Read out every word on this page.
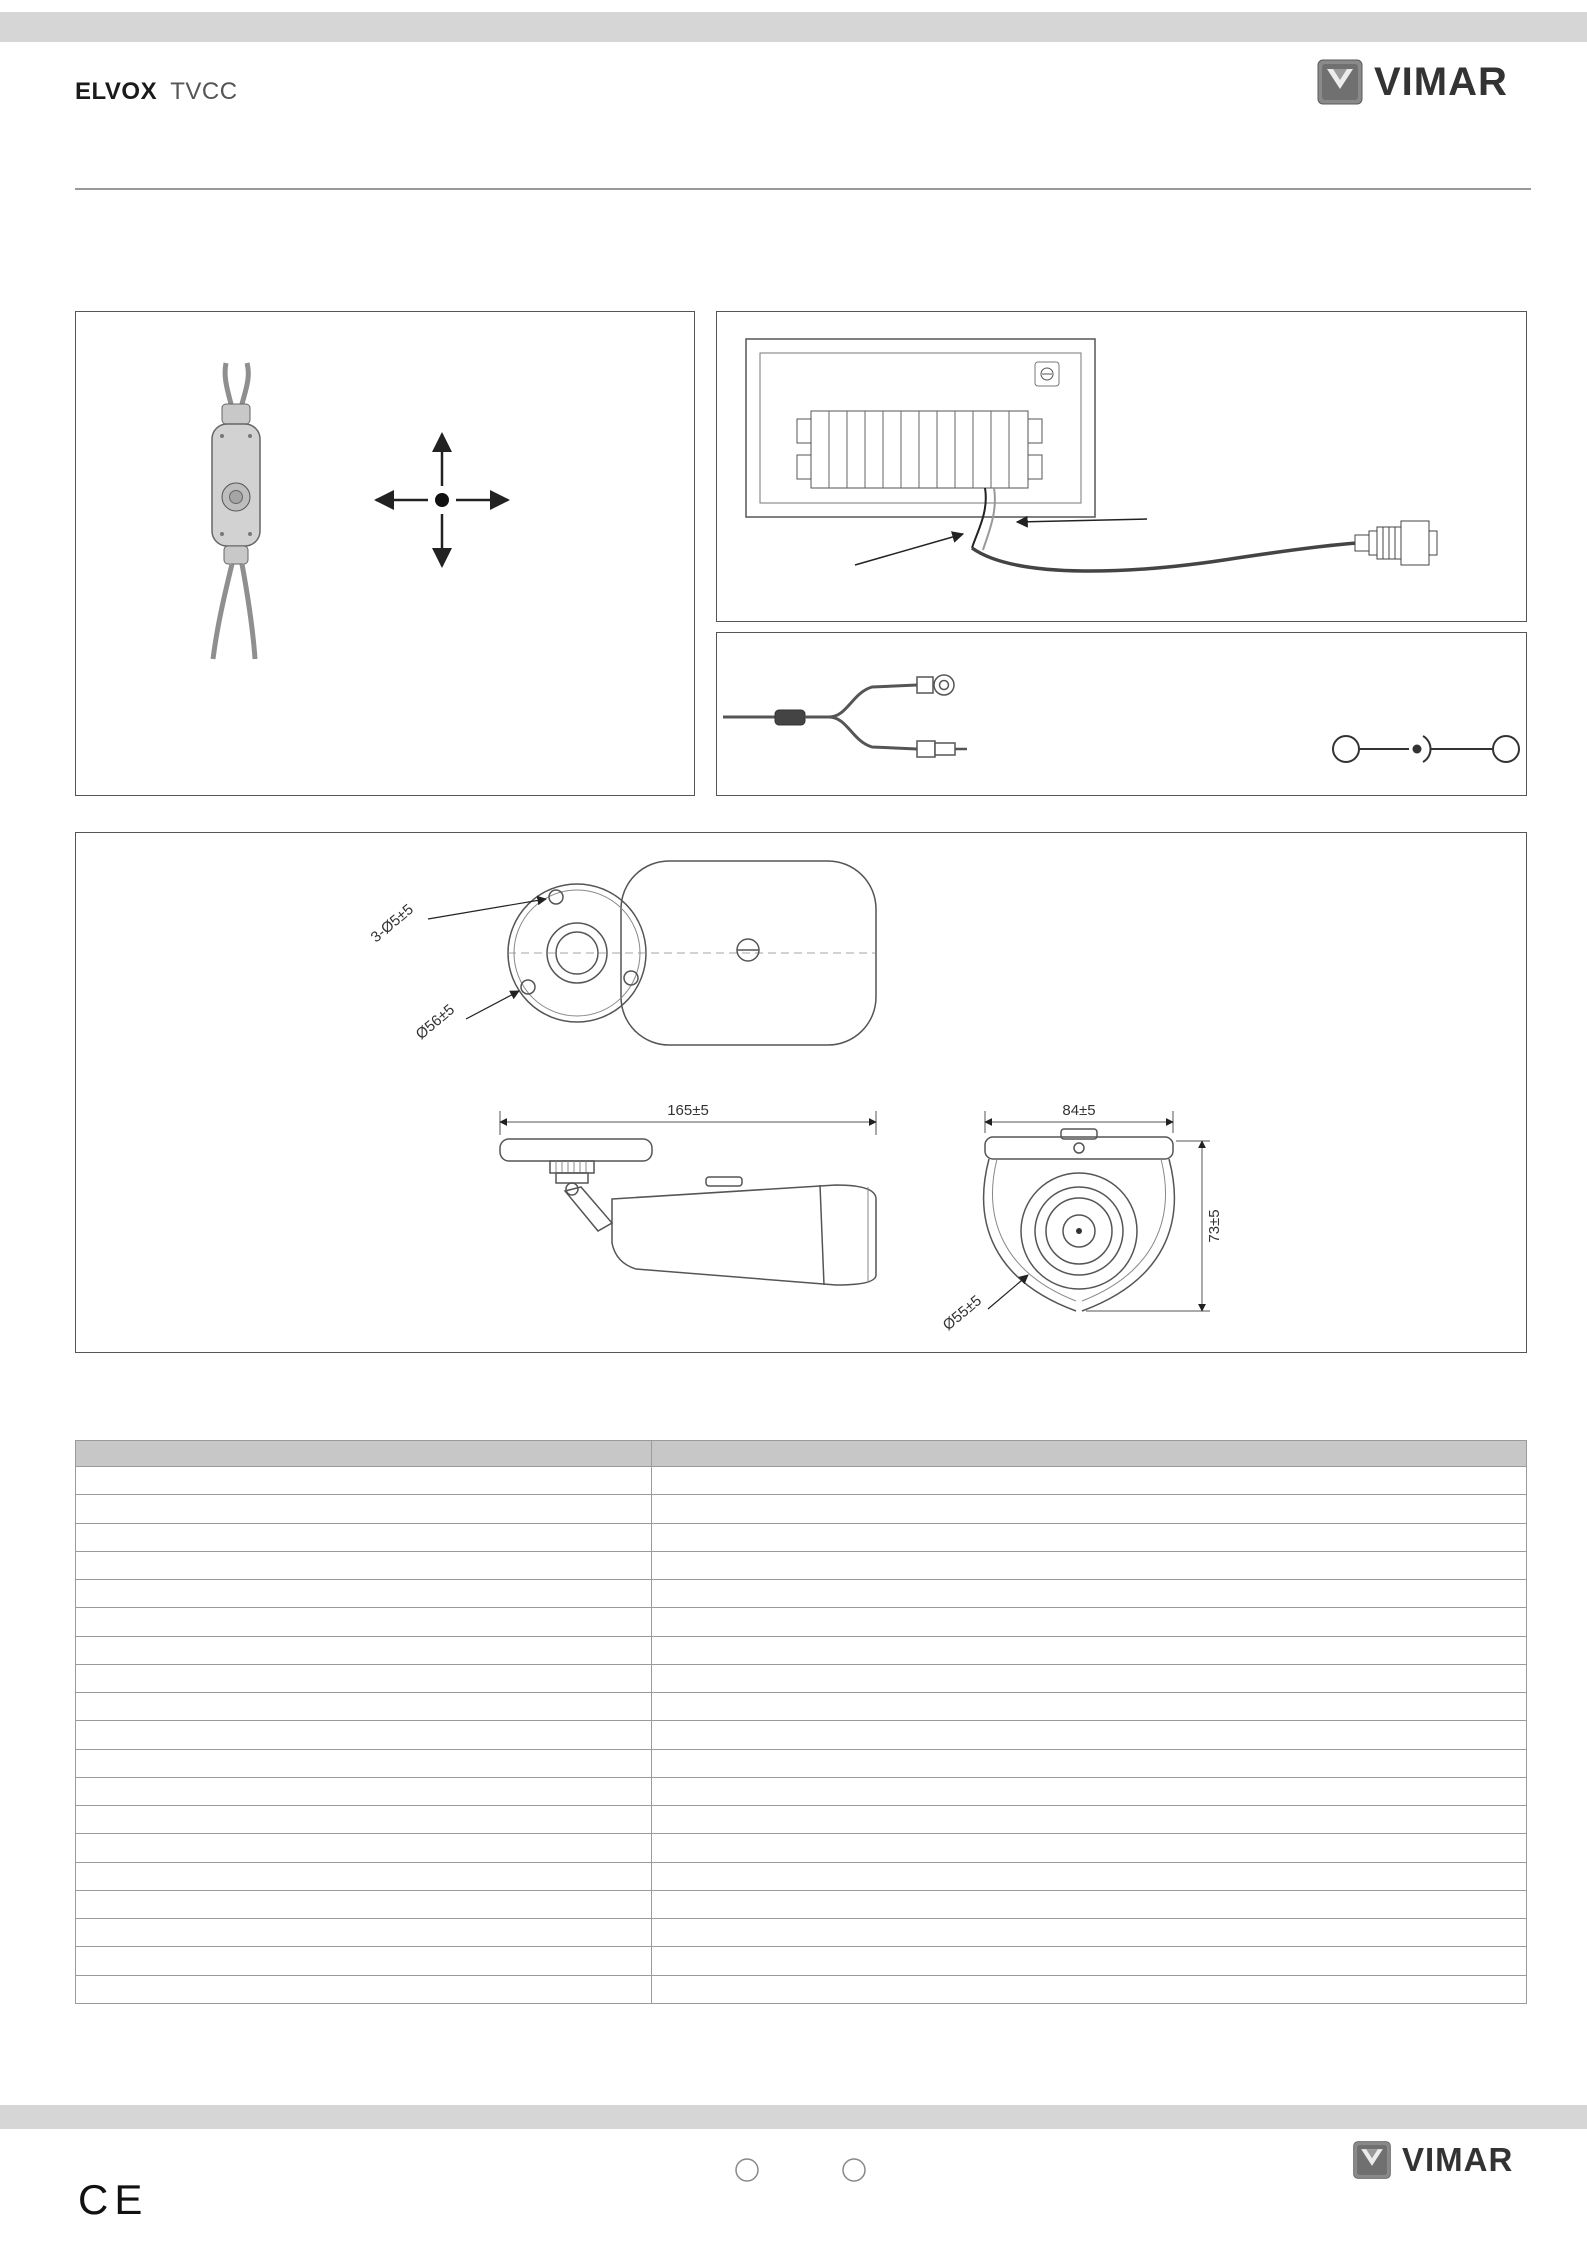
ELVOX TVCC	VIMAR
3-Ø5±5
Ø56±5
165±5	84±5
73±5
Ø55±5

VIMAR
CE
